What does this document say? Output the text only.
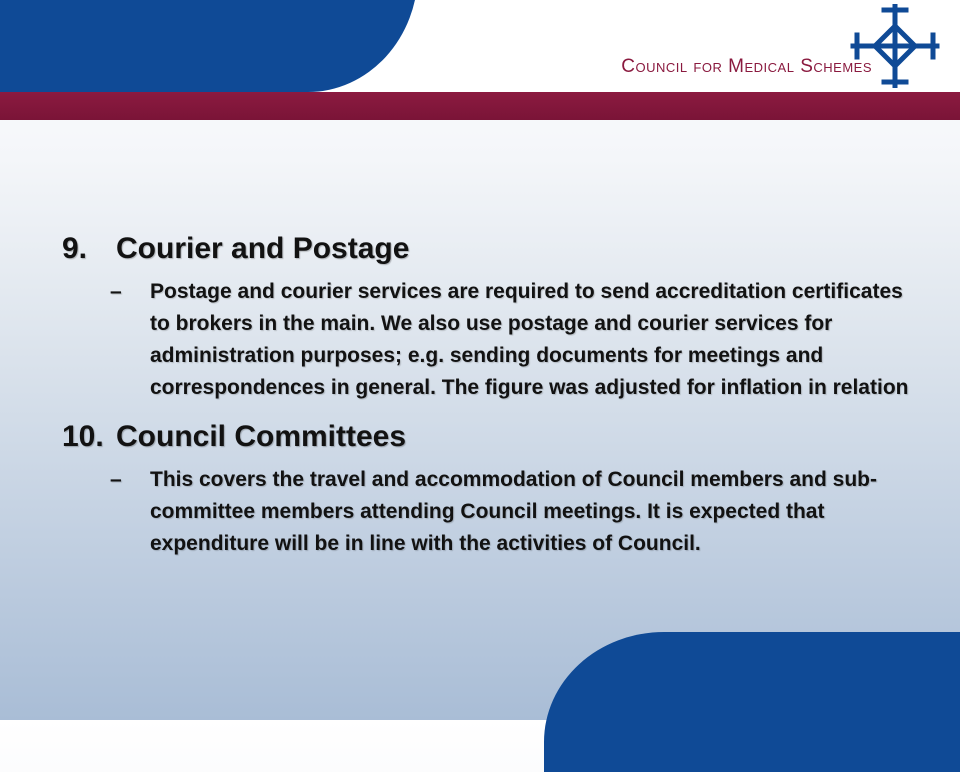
Council for Medical Schemes
9. Courier and Postage
–	Postage and courier services are required to send accreditation certificates to brokers in the main. We also use postage and courier services for administration purposes; e.g. sending documents for meetings and correspondences in general. The figure was adjusted for inflation in relation
10. Council Committees
–	This covers the travel and accommodation of Council members and sub-committee members attending Council meetings. It is expected that expenditure will be in line with the activities of Council.
